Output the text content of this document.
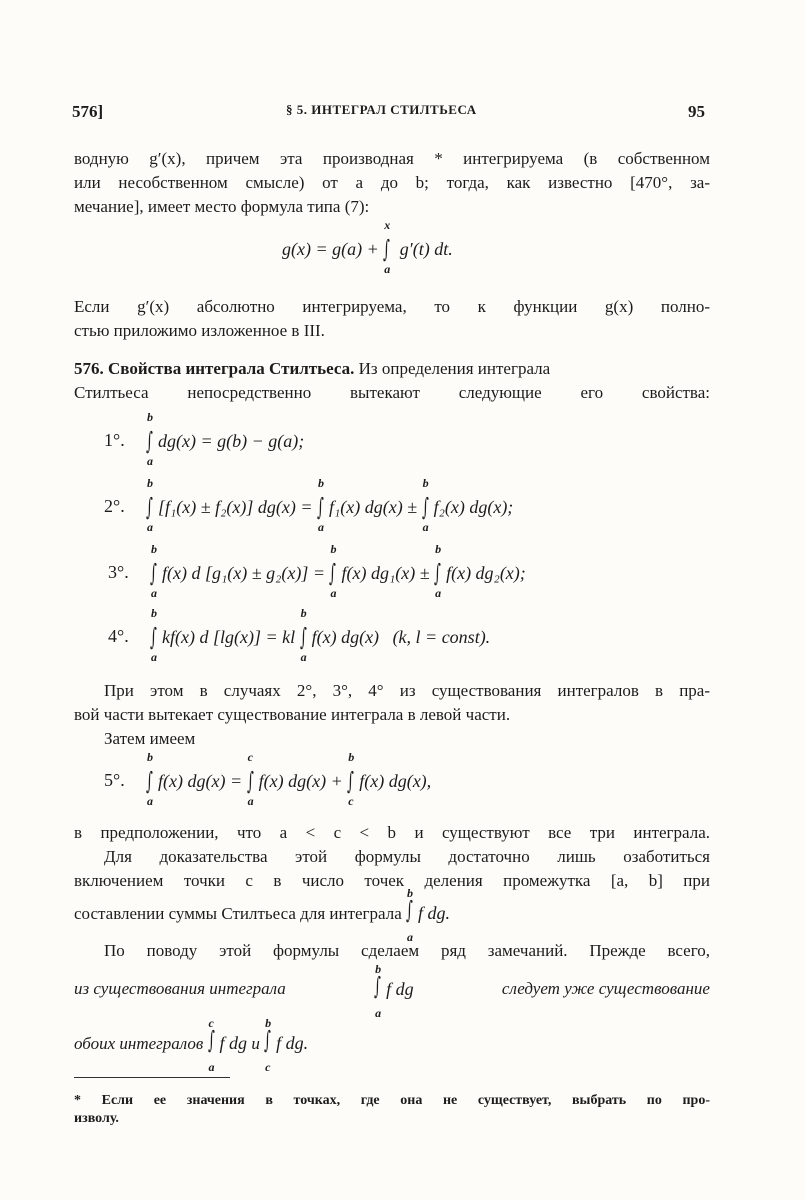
576]	§ 5. ИНТЕГРАЛ СТИЛТЬЕСА	95
водную g′(x), причем эта производная * интегрируема (в собственном
или несобственном смысле) от a до b; тогда, как известно [470°, за-
мечание], имеет место формула типа (7):
g(x) = g(a) + ∫
x
a
g′(t) dt.
Если g′(x) абсолютно интегрируема, то к функции g(x) полно-
стью приложимо изложенное в III.
576. Свойства интеграла Стилтьеса. Из определения интеграла
Стилтьеса непосредственно вытекают следующие его свойства:
1°. ∫
b
a
dg(x) = g(b) − g(a);
2°. ∫
b
a
[f₁(x) ± f₂(x)] dg(x) = ∫
b
a
f₁(x) dg(x) ± ∫
b
a
f₂(x) dg(x);
3°. ∫
b
a
f(x) d [g₁(x) ± g₂(x)] = ∫
b
a
f(x) dg₁(x) ± ∫
b
a
f(x) dg₂(x);
4°. ∫
b
a
kf(x) d [lg(x)] = kl ∫
b
a
f(x) dg(x) (k, l = const).
При этом в случаях 2°, 3°, 4° из существования интегралов в пра-
вой части вытекает существование интеграла в левой части.
Затем имеем
5°. ∫
b
a
f(x) dg(x) = ∫
c
a
f(x) dg(x) + ∫
b
c
f(x) dg(x),
в предположении, что a < c < b и существуют все три интеграла.
Для доказательства этой формулы достаточно лишь озаботиться
включением точки c в число точек деления промежутка [a, b] при
составлении суммы Стилтьеса для интеграла ∫
b
a
f dg.
По поводу этой формулы сделаем ряд замечаний. Прежде всего,
из существования интеграла	∫
b
a
f dg	следует уже существование
обоих интегралов ∫
c
a
f dg и ∫
b
c
f dg.
* Если ее значения в точках, где она не существует, выбрать по про-
изволу.
